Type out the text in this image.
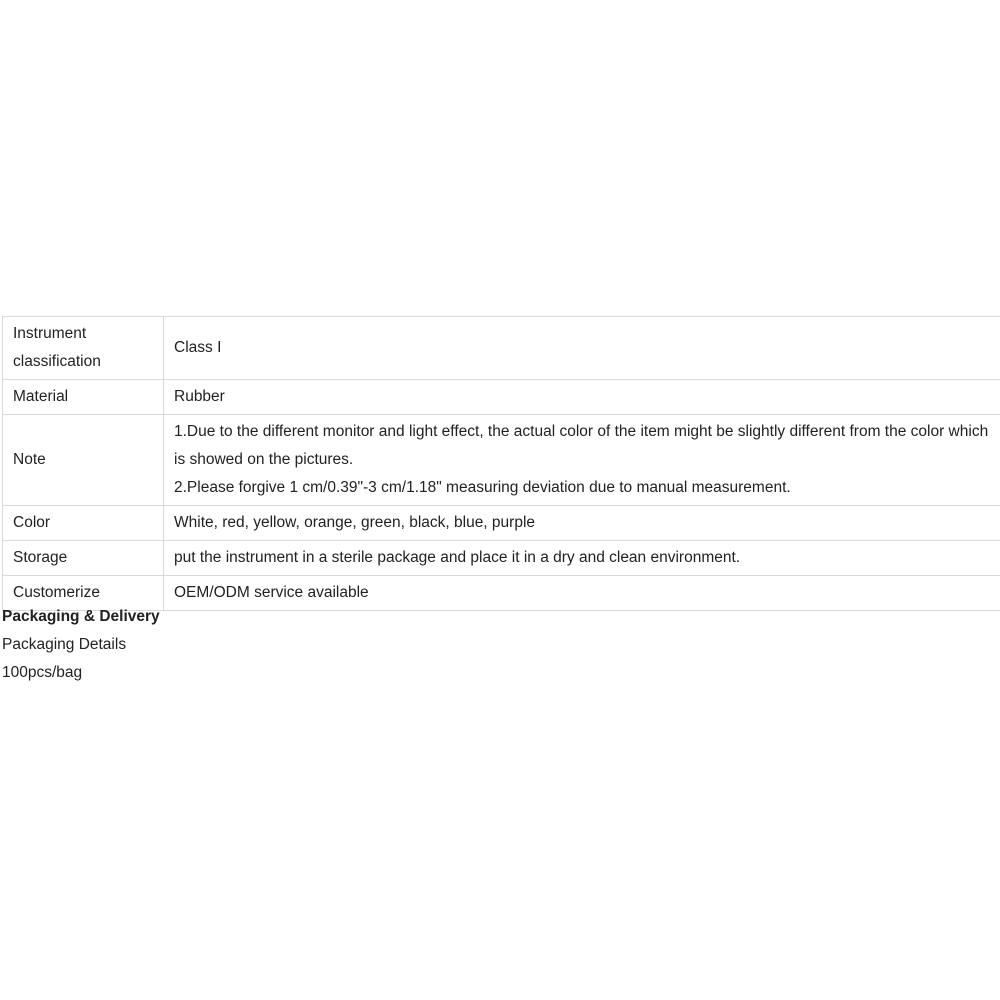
Instrument classification	Class I

Material	Rubber

Note	1.Due to the different monitor and light effect, the actual color of the item might be slightly different from the color which is showed on the pictures.
2.Please forgive 1 cm/0.39"-3 cm/1.18" measuring deviation due to manual measurement.

Color	White, red, yellow, orange, green, black, blue, purple

Storage	put the instrument in a sterile package and place it in a dry and clean environment.

Customerize	OEM/ODM service available
Packaging & Delivery
Packaging Details
100pcs/bag
